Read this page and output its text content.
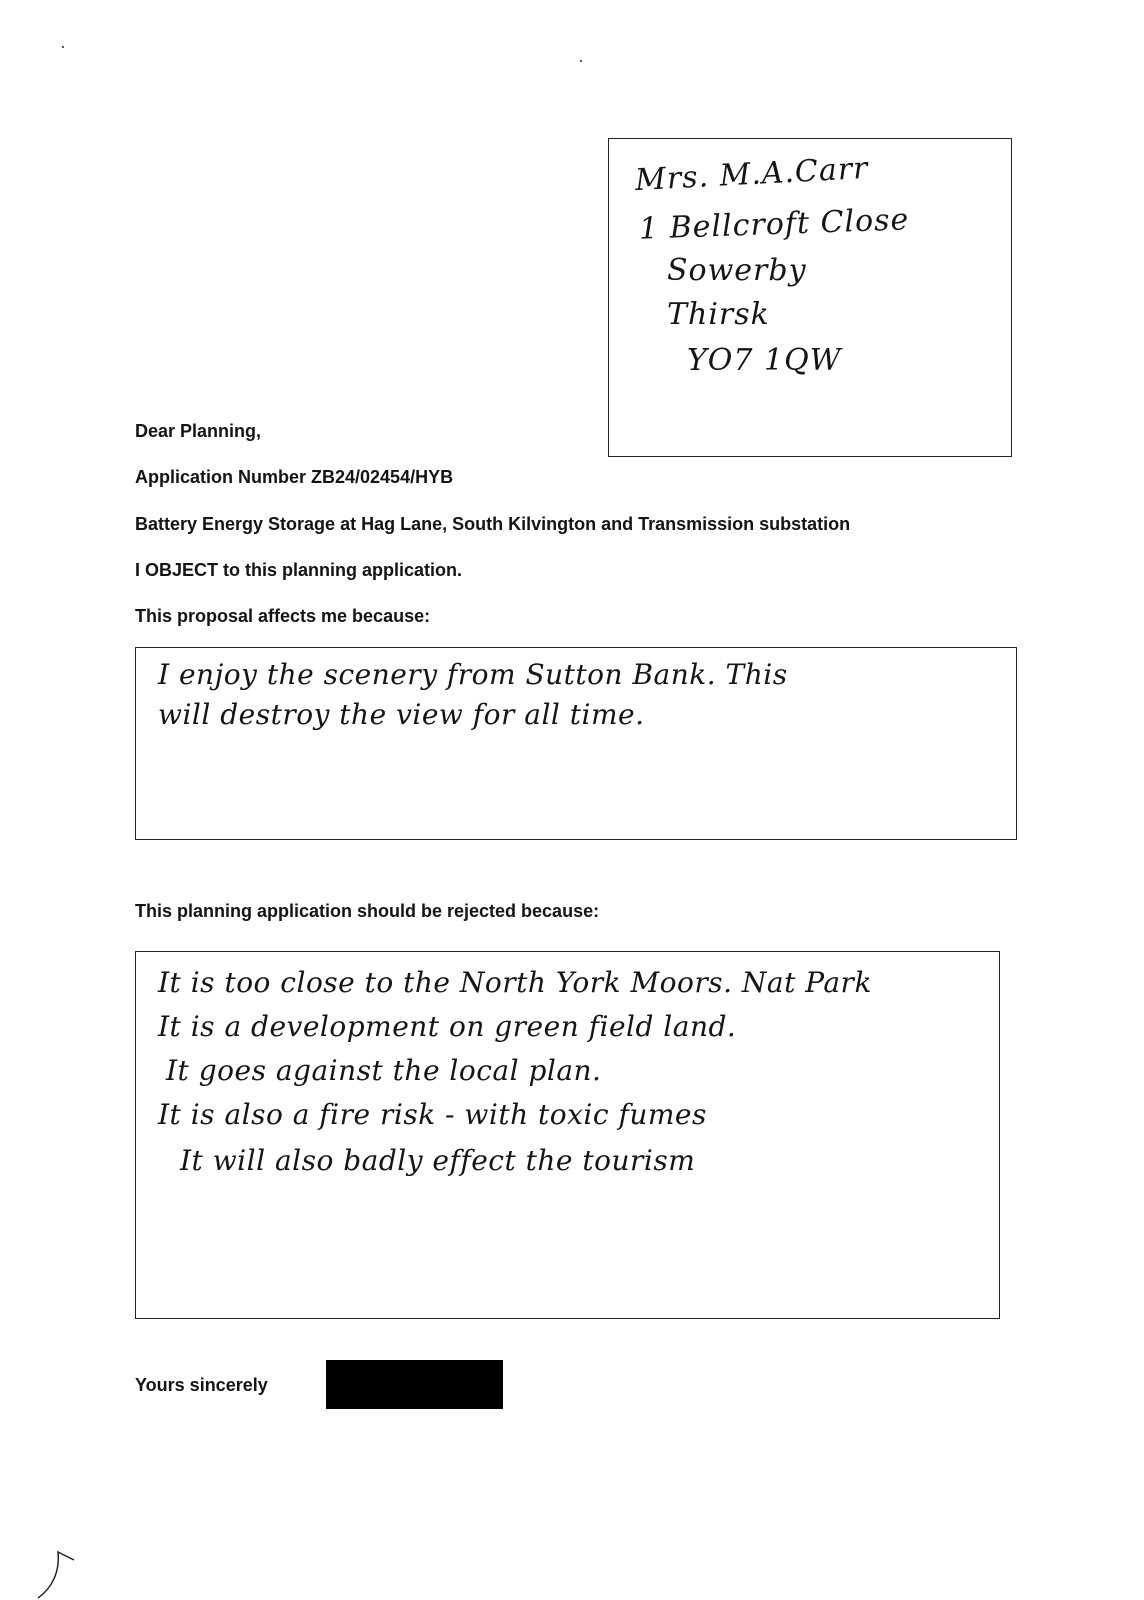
Mrs. M.A.Carr
1 Bellcroft Close
Sowerby
Thirsk
YO7 1QW
Dear Planning,
Application Number ZB24/02454/HYB
Battery Energy Storage at Hag Lane, South Kilvington and Transmission substation
I OBJECT to this planning application.
This proposal affects me because:
I enjoy the scenery from Sutton Bank. This
will destroy the view for all time.
This planning application should be rejected because:
It is too close to the North York Moors. Nat Park
It is a development on green field land.
It goes against the local plan.
It is also a fire risk - with toxic fumes
It will also badly effect the tourism
Yours sincerely
